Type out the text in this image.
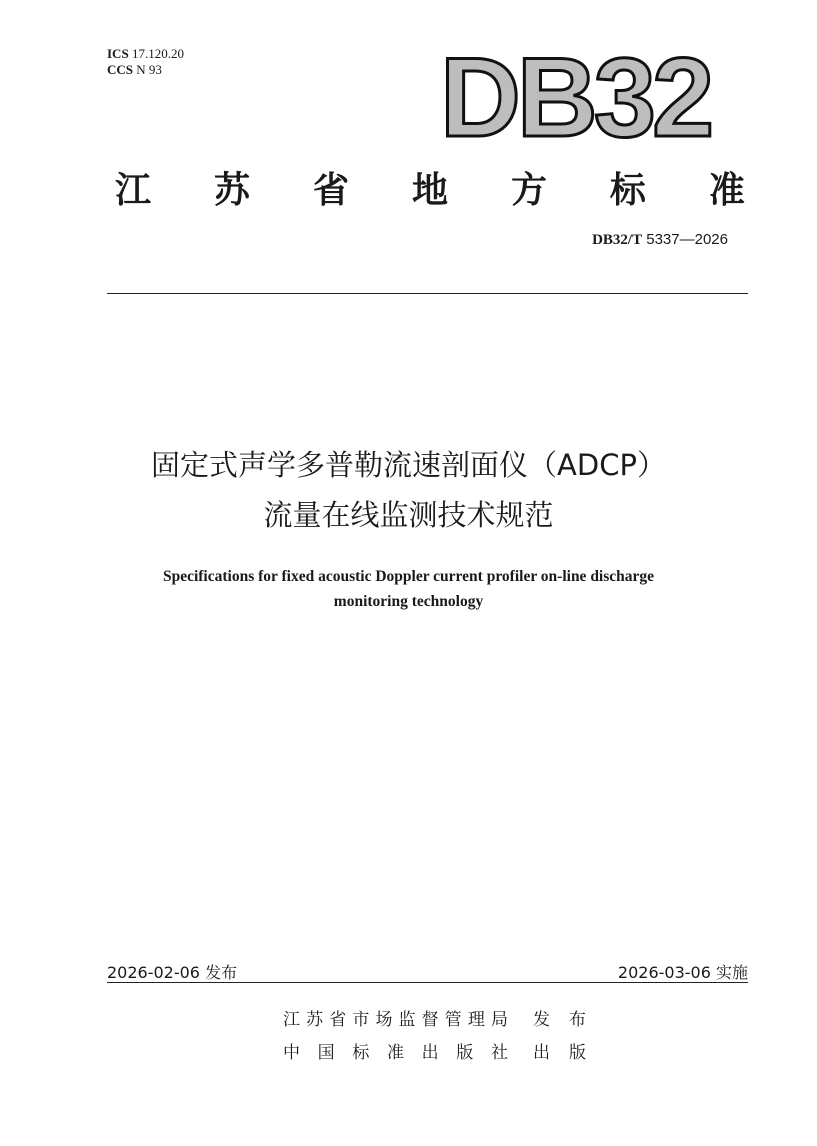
ICS 17.120.20
CCS N 93 DB32
江 苏 省 地 方 标 准
DB32/T 5337—2026
固定式声学多普勒流速剖面仪（ADCP）
流量在线监测技术规范
Specifications for fixed acoustic Doppler current profiler on-line discharge
monitoring technology
2026-02-06 发布	2026-03-06 实施
江 苏 省 市 场 监 督 管 理 局 发 布
中 国 标 准 出 版 社 出 版
